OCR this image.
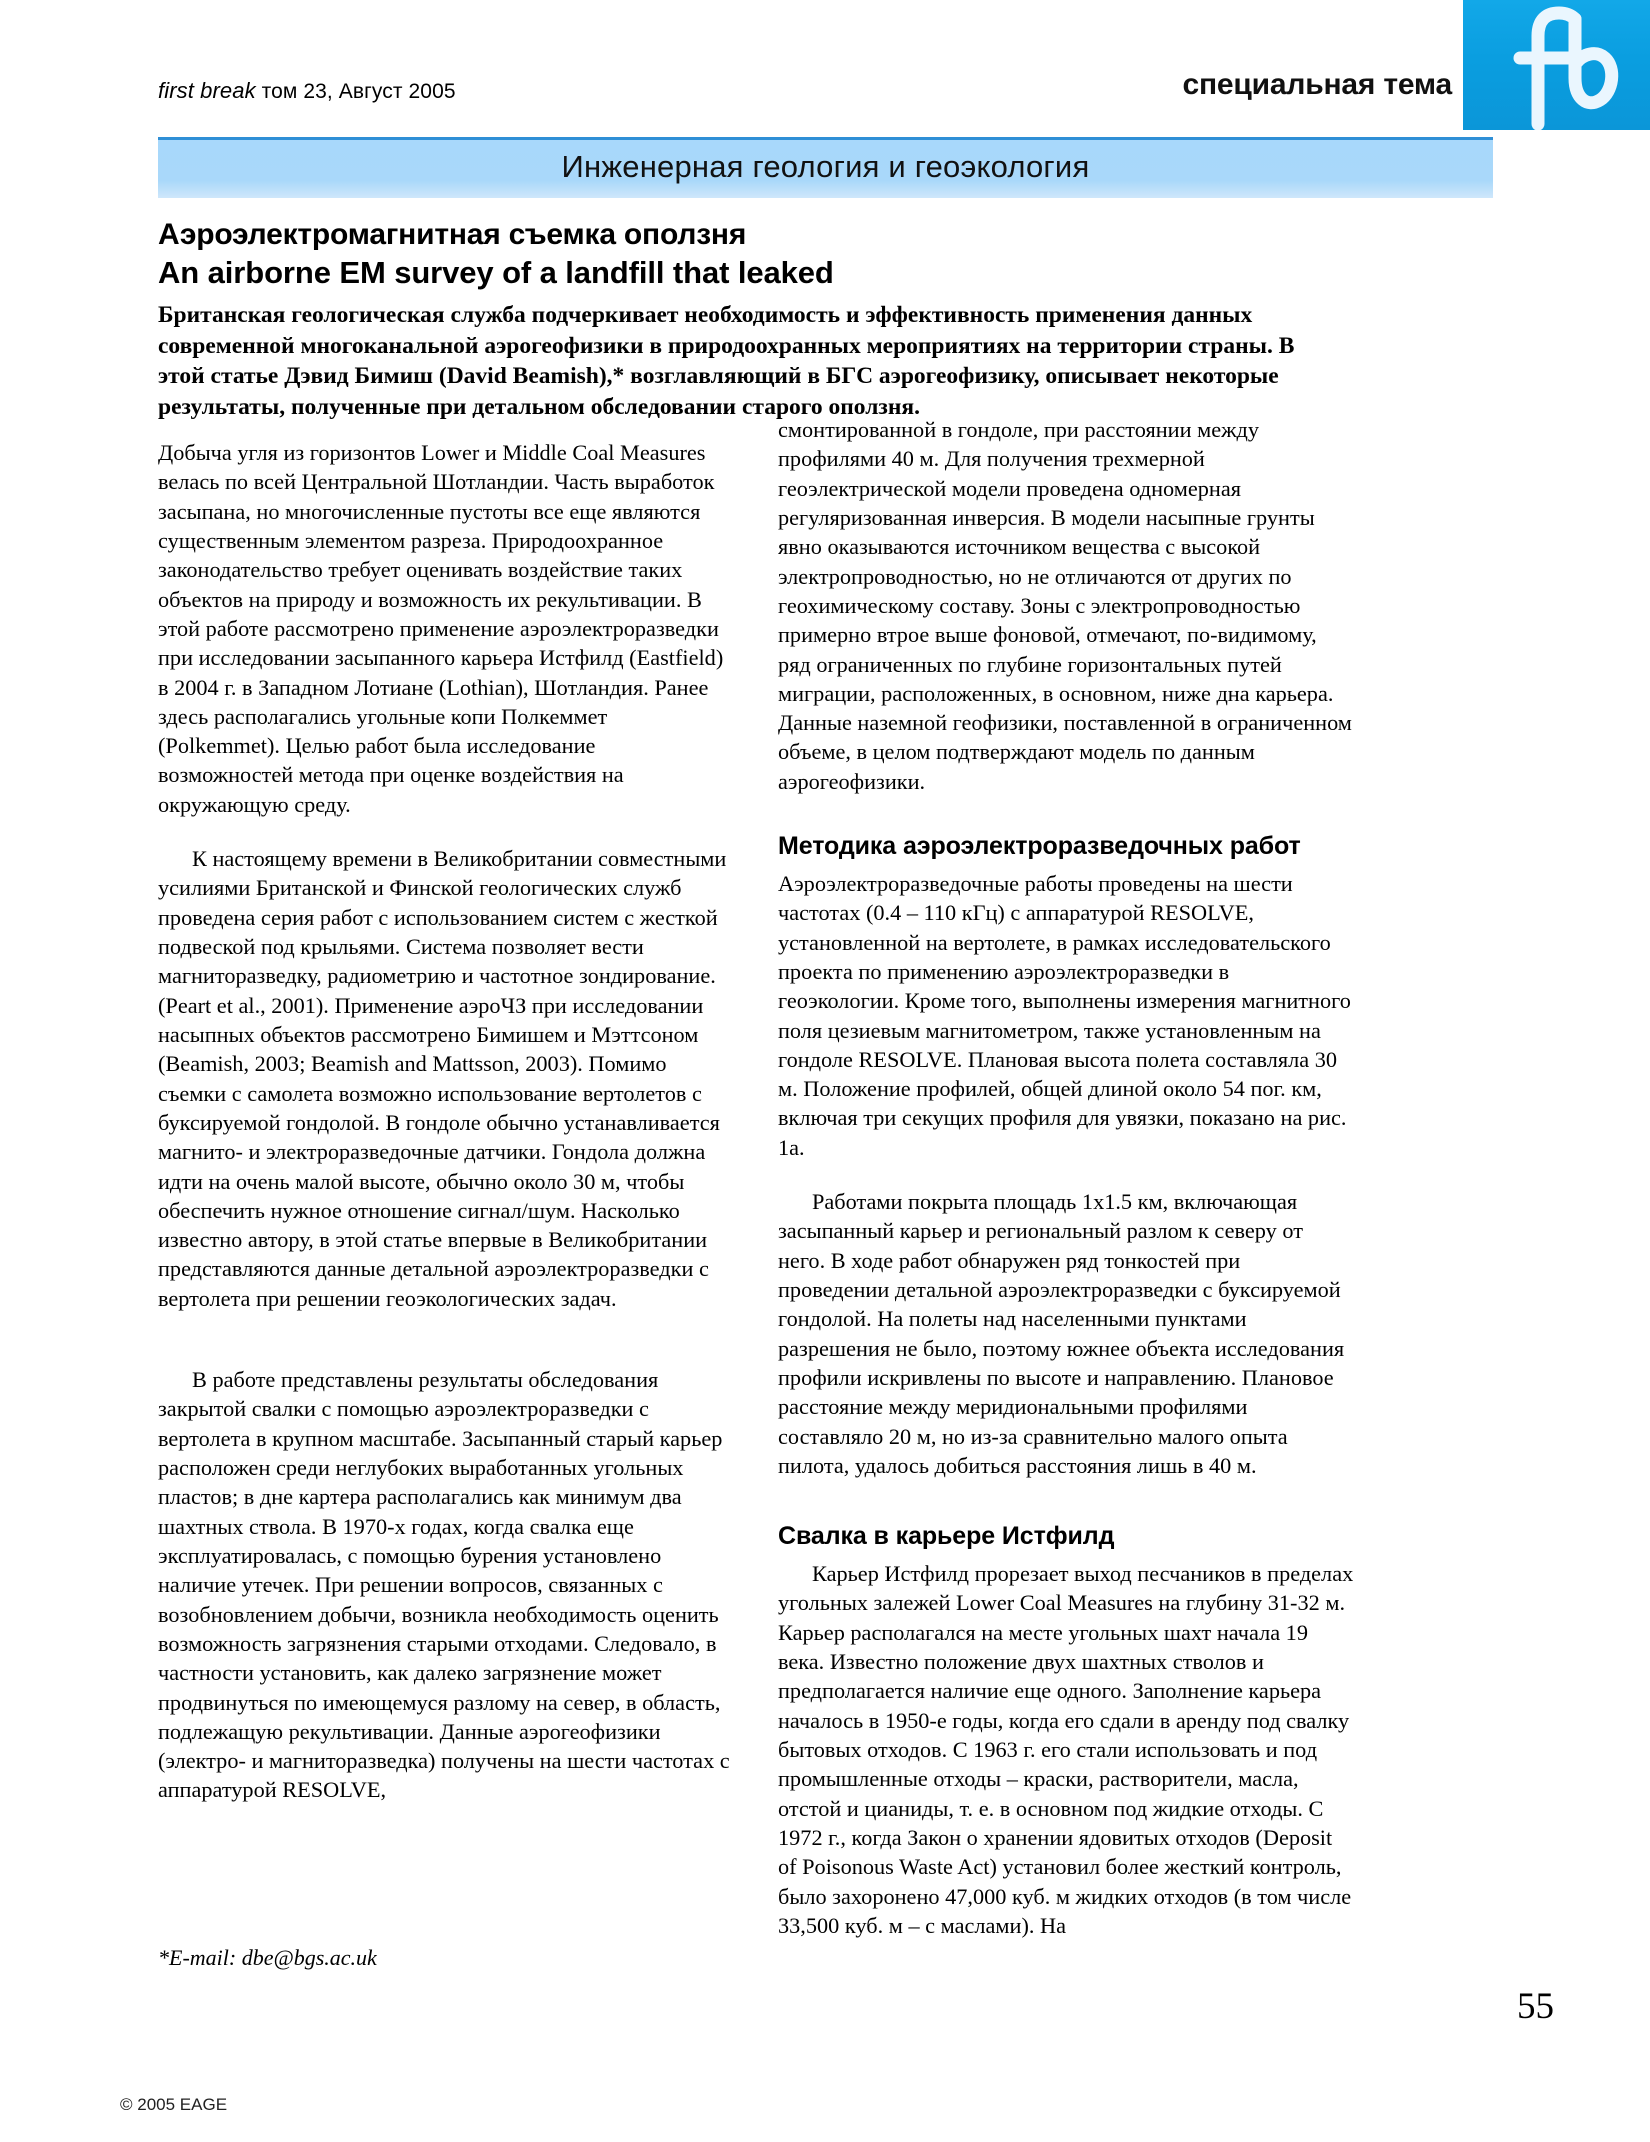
first break том 23, Август 2005	специальная тема
Инженерная геология и геоэкология
Аэроэлектромагнитная съемка оползня
An airborne EM survey of a landfill that leaked

Британская геологическая служба подчеркивает необходимость и эффективность применения данных современной многоканальной аэрогеофизики в природоохранных мероприятиях на территории страны. В этой статье Дэвид Бимиш (David Beamish),* возглавляющий в БГС аэрогеофизику, описывает некоторые результаты, полученные при детальном обследовании старого оползня.

Добыча угля из горизонтов Lower и Middle Coal Measures велась по всей Центральной Шотландии. Часть выработок засыпана, но многочисленные пустоты все еще являются существенным элементом разреза. Природоохранное законодательство требует оценивать воздействие таких объектов на природу и возможность их рекультивации. В этой работе рассмотрено применение аэроэлектроразведки при исследовании засыпанного карьера Истфилд (Eastfield) в 2004 г. в Западном Лотиане (Lothian), Шотландия. Ранее здесь располагались угольные копи Полкеммет (Polkemmet). Целью работ была исследование возможностей метода при оценке воздействия на окружающую среду.

К настоящему времени в Великобритании совместными усилиями Британской и Финской геологических служб проведена серия работ с использованием систем с жесткой подвеской под крыльями. Система позволяет вести магниторазведку, радиометрию и частотное зондирование. (Peart et al., 2001). Применение аэроЧЗ при исследовании насыпных объектов рассмотрено Бимишем и Мэттсоном (Beamish, 2003; Beamish and Mattsson, 2003). Помимо съемки с самолета возможно использование вертолетов с буксируемой гондолой. В гондоле обычно устанавливается магнито- и электроразведочные датчики. Гондола должна идти на очень малой высоте, обычно около 30 м, чтобы обеспечить нужное отношение сигнал/шум. Насколько известно автору, в этой статье впервые в Великобритании представляются данные детальной аэроэлектроразведки с вертолета при решении геоэкологических задач.

В работе представлены результаты обследования закрытой свалки с помощью аэроэлектроразведки с вертолета в крупном масштабе. Засыпанный старый карьер расположен среди неглубоких выработанных угольных пластов; в дне картера располагались как минимум два шахтных ствола. В 1970-х годах, когда свалка еще эксплуатировалась, с помощью бурения установлено наличие утечек. При решении вопросов, связанных с возобновлением добычи, возникла необходимость оценить возможность загрязнения старыми отходами. Следовало, в частности установить, как далеко загрязнение может продвинуться по имеющемуся разлому на север, в область, подлежащую рекультивации. Данные аэрогеофизики (электро- и магниторазведка) получены на шести частотах с аппаратурой RESOLVE,

смонтированной в гондоле, при расстоянии между профилями 40 м. Для получения трехмерной геоэлектрической модели проведена одномерная регуляризованная инверсия. В модели насыпные грунты явно оказываются источником вещества с высокой электропроводностью, но не отличаются от других по геохимическому составу. Зоны с электропроводностью примерно втрое выше фоновой, отмечают, по-видимому, ряд ограниченных по глубине горизонтальных путей миграции, расположенных, в основном, ниже дна карьера. Данные наземной геофизики, поставленной в ограниченном объеме, в целом подтверждают модель по данным аэрогеофизики.

Методика аэроэлектроразведочных работ

Аэроэлектроразведочные работы проведены на шести частотах (0.4 – 110 кГц) с аппаратурой RESOLVE, установленной на вертолете, в рамках исследовательского проекта по применению аэроэлектроразведки в геоэкологии. Кроме того, выполнены измерения магнитного поля цезиевым магнитометром, также установленным на гондоле RESOLVE. Плановая высота полета составляла 30 м. Положение профилей, общей длиной около 54 пог. км, включая три секущих профиля для увязки, показано на рис. 1а.

Работами покрыта площадь 1х1.5 км, включающая засыпанный карьер и региональный разлом к северу от него. В ходе работ обнаружен ряд тонкостей при проведении детальной аэроэлектроразведки с буксируемой гондолой. На полеты над населенными пунктами разрешения не было, поэтому южнее объекта исследования профили искривлены по высоте и направлению. Плановое расстояние между меридиональными профилями составляло 20 м, но из-за сравнительно малого опыта пилота, удалось добиться расстояния лишь в 40 м.

Свалка в карьере Истфилд

Карьер Истфилд прорезает выход песчаников в пределах угольных залежей Lower Coal Measures на глубину 31-32 м. Карьер располагался на месте угольных шахт начала 19 века. Известно положение двух шахтных стволов и предполагается наличие еще одного. Заполнение карьера началось в 1950-е годы, когда его сдали в аренду под свалку бытовых отходов. С 1963 г. его стали использовать и под промышленные отходы – краски, растворители, масла, отстой и цианиды, т. е. в основном под жидкие отходы. С 1972 г., когда Закон о хранении ядовитых отходов (Deposit of Poisonous Waste Act) установил более жесткий контроль, было захоронено 47,000 куб. м жидких отходов (в том числе 33,500 куб. м – с маслами). На

*E-mail: dbe@bgs.ac.uk
55
© 2005 EAGE
